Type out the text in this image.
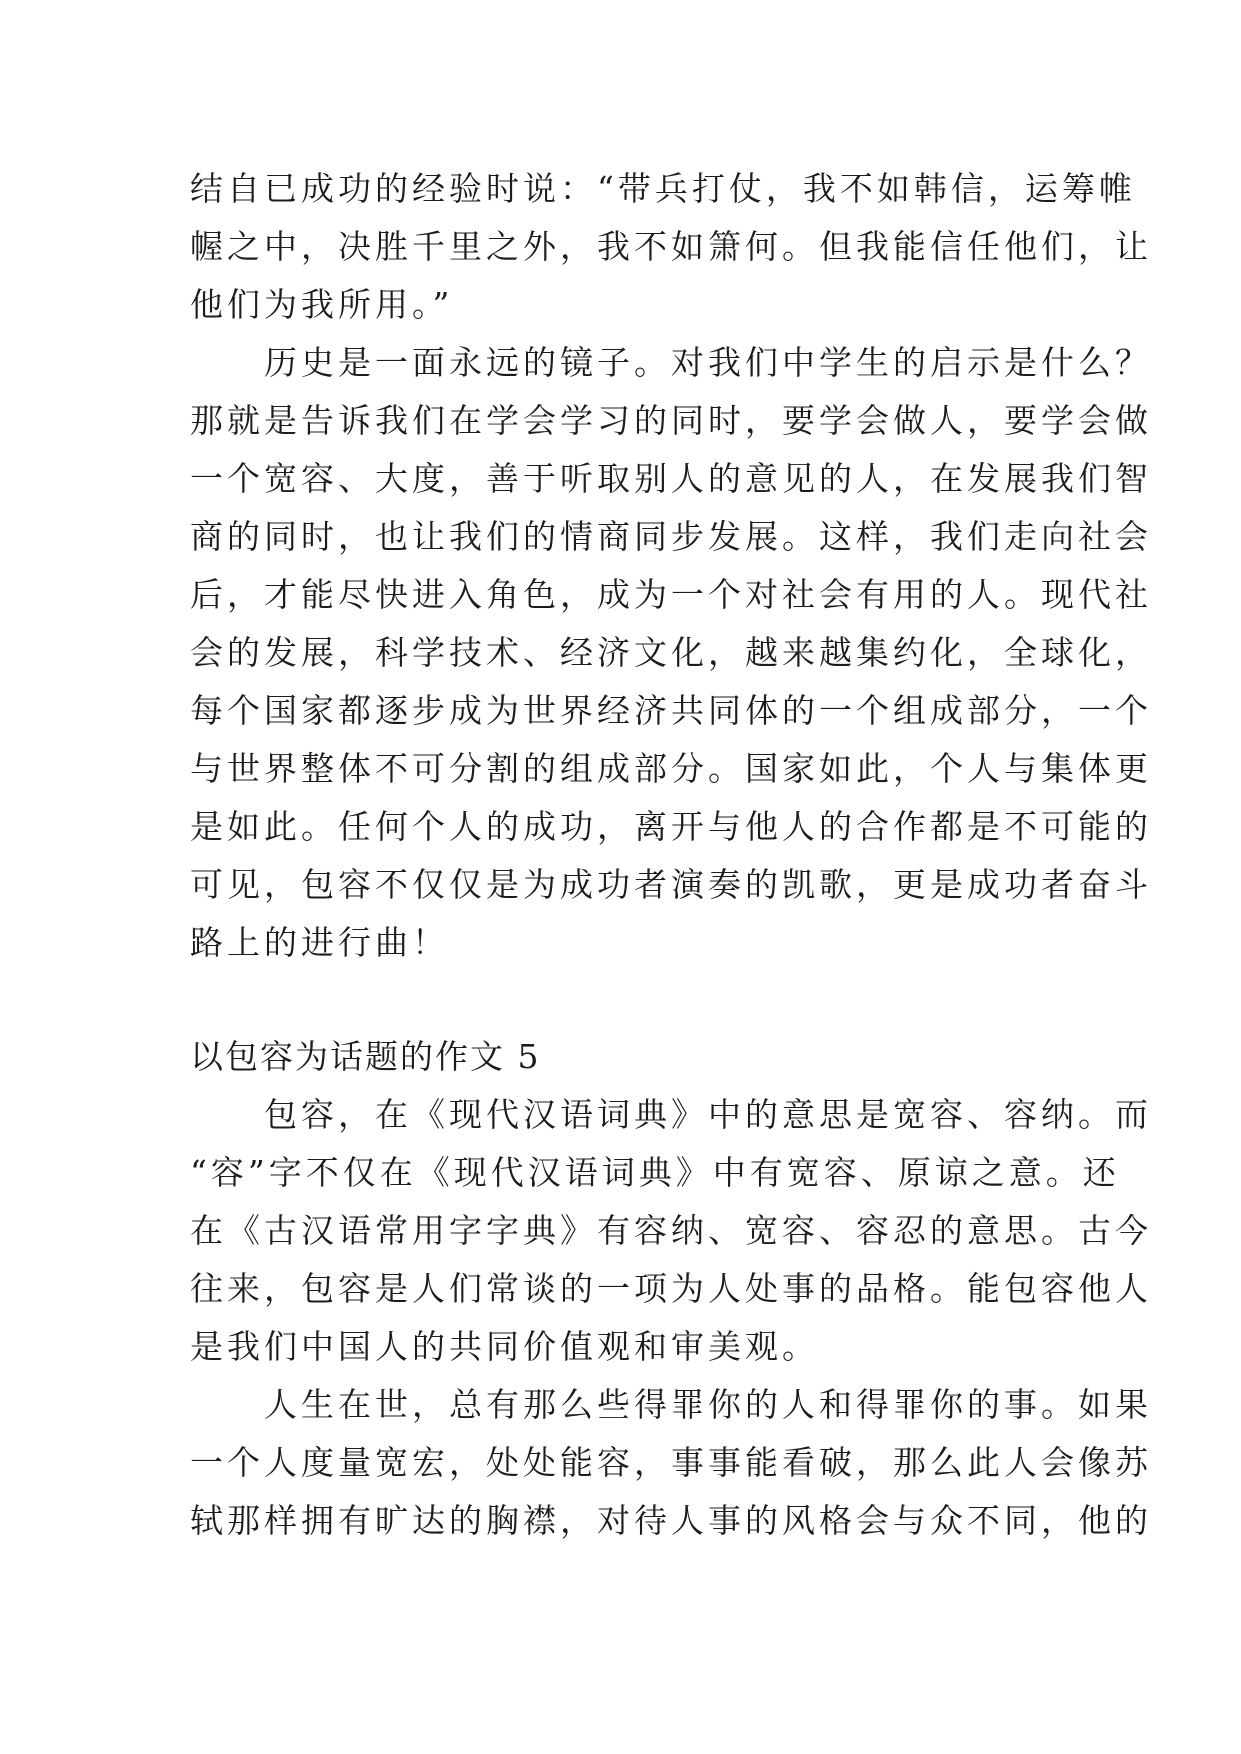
结自已成功的经验时说：“带兵打仗，我不如韩信，运筹帷
幄之中，决胜千里之外，我不如箫何。但我能信任他们，让
他们为我所用。”
历史是一面永远的镜子。对我们中学生的启示是什么？
那就是告诉我们在学会学习的同时，要学会做人，要学会做
一个宽容、大度，善于听取别人的意见的人，在发展我们智
商的同时，也让我们的情商同步发展。这样，我们走向社会
后，才能尽快进入角色，成为一个对社会有用的人。现代社
会的发展，科学技术、经济文化，越来越集约化，全球化，
每个国家都逐步成为世界经济共同体的一个组成部分，一个
与世界整体不可分割的组成部分。国家如此，个人与集体更
是如此。任何个人的成功，离开与他人的合作都是不可能的
可见，包容不仅仅是为成功者演奏的凯歌，更是成功者奋斗
路上的进行曲！
以包容为话题的作文 5
包容，在《现代汉语词典》中的意思是宽容、容纳。而
“容”字不仅在《现代汉语词典》中有宽容、原谅之意。还
在《古汉语常用字字典》有容纳、宽容、容忍的意思。古今
往来，包容是人们常谈的一项为人处事的品格。能包容他人
是我们中国人的共同价值观和审美观。
人生在世，总有那么些得罪你的人和得罪你的事。如果
一个人度量宽宏，处处能容，事事能看破，那么此人会像苏
轼那样拥有旷达的胸襟，对待人事的风格会与众不同，他的
